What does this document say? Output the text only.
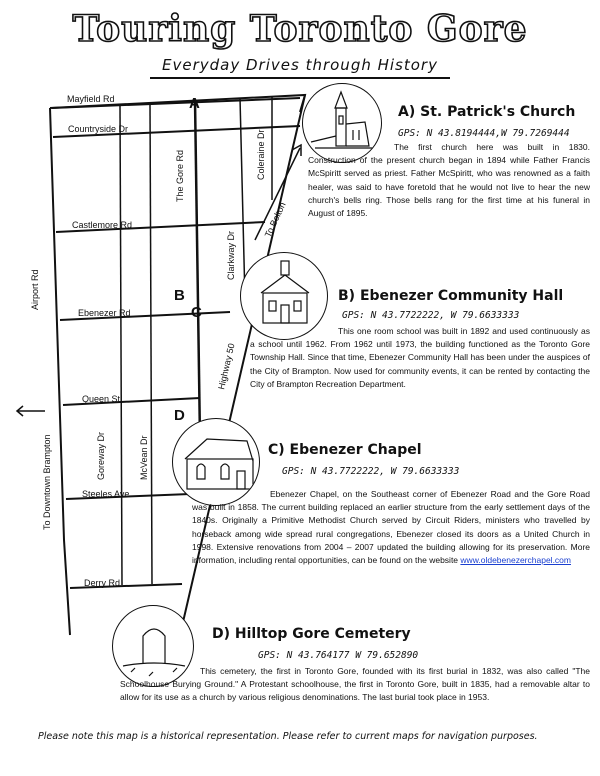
Touring Toronto Gore
Everyday Drives through History
Mayfield Rd
Countryside Dr
Castlemore Rd
Ebenezer Rd
Queen St
Steeles Ave
Derry Rd
The Gore Rd	Coleraine Dr
Clarkway Dr
Highway 50
Airport Rd
Goreway Dr	McVean Dr
To Bolton
To Downtown Brampton
A
B
C
D
A) St. Patrick's Church
GPS: N 43.8194444,W 79.7269444
The first church here was built in 1830. Construction of the present church began in 1894 while Father Francis McSpiritt served as priest. Father McSpiritt, who was renowned as a faith healer, was said to have foretold that he would not live to hear the new church's bells ring. Those bells rang for the first time at his funeral in August of 1895.
B) Ebenezer Community Hall
GPS: N 43.7722222, W 79.6633333
This one room school was built in 1892 and used continuously as a school until 1962. From 1962 until 1973, the building functioned as the Toronto Gore Township Hall. Since that time, Ebenezer Community Hall has been under the auspices of the City of Brampton. Now used for community events, it can be rented by contacting the City of Brampton Recreation Department.
C) Ebenezer Chapel
GPS: N 43.7722222, W 79.6633333
Ebenezer Chapel, on the Southeast corner of Ebenezer Road and the Gore Road was built in 1858. The current building replaced an earlier structure from the early settlement days of the 1840s. Originally a Primitive Methodist Church served by Circuit Riders, ministers who travelled by horseback among wide spread rural congregations, Ebenezer closed its doors as a United Church in 1998. Extensive renovations from 2004 – 2007 updated the building allowing for its preservation. More information, including rental opportunities, can be found on the website www.oldebenezerchapel.com
D) Hilltop Gore Cemetery
GPS: N 43.764177 W 79.652890
This cemetery, the first in Toronto Gore, founded with its first burial in 1832, was also called "The Schoolhouse Burying Ground." A Protestant schoolhouse, the first in Toronto Gore, built in 1835, had a removable altar to allow for its use as a church by various religious denominations. The last burial took place in 1953.
Please note this map is a historical representation. Please refer to current maps for navigation purposes.
